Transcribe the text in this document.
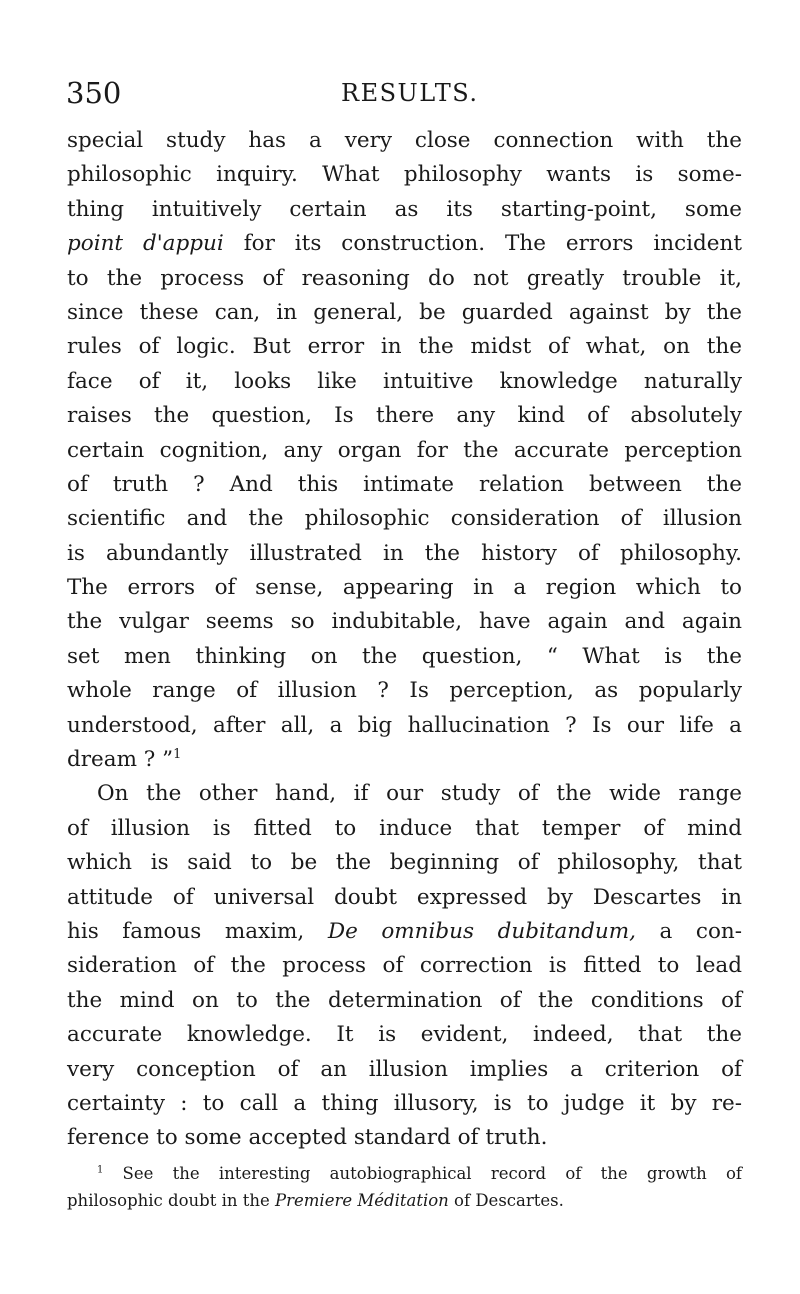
350	RESULTS.
special study has a very close connection with the
philosophic inquiry. What philosophy wants is some-
thing intuitively certain as its starting-point, some
point d'appui for its construction. The errors incident
to the process of reasoning do not greatly trouble it,
since these can, in general, be guarded against by the
rules of logic. But error in the midst of what, on the
face of it, looks like intuitive knowledge naturally
raises the question, Is there any kind of absolutely
certain cognition, any organ for the accurate perception
of truth ? And this intimate relation between the
scientific and the philosophic consideration of illusion
is abundantly illustrated in the history of philosophy.
The errors of sense, appearing in a region which to
the vulgar seems so indubitable, have again and again
set men thinking on the question, “ What is the
whole range of illusion ? Is perception, as popularly
understood, after all, a big hallucination ? Is our life a
dream ? ”$^1$
On the other hand, if our study of the wide range
of illusion is fitted to induce that temper of mind
which is said to be the beginning of philosophy, that
attitude of universal doubt expressed by Descartes in
his famous maxim, De omnibus dubitandum, a con-
sideration of the process of correction is fitted to lead
the mind on to the determination of the conditions of
accurate knowledge. It is evident, indeed, that the
very conception of an illusion implies a criterion of
certainty : to call a thing illusory, is to judge it by re-
ference to some accepted standard of truth.
$^1$ See the interesting autobiographical record of the growth of
philosophic doubt in the Premiere Méditation of Descartes.
